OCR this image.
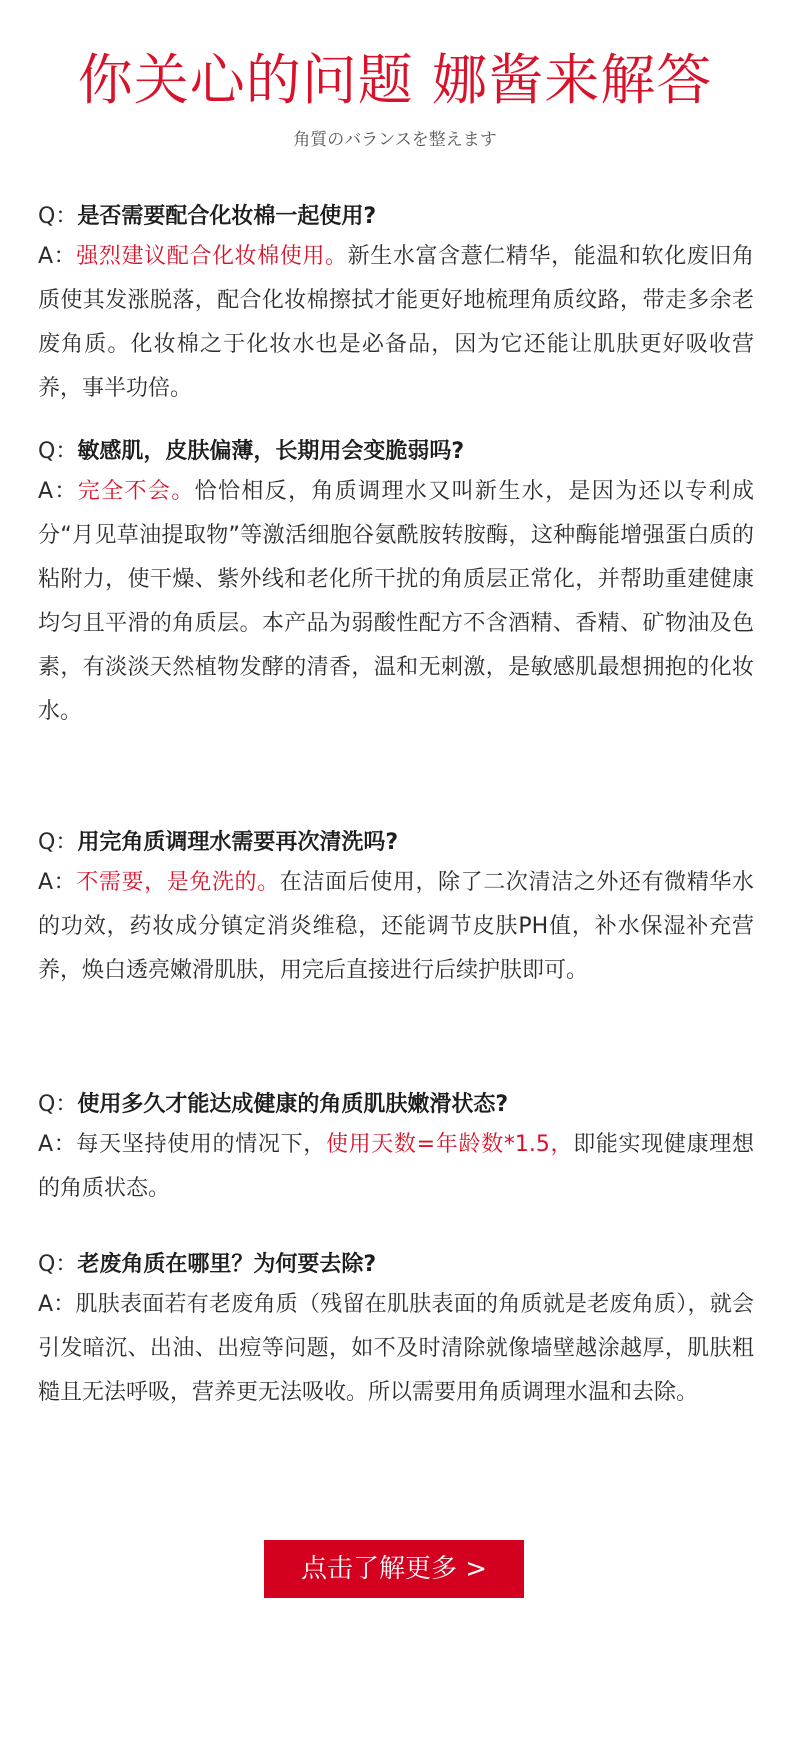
你关心的问题 娜酱来解答
角質のバランスを整えます
Q：是否需要配合化妆棉一起使用?
A：强烈建议配合化妆棉使用。新生水富含薏仁精华，能温和软化废旧角质使其发涨脱落，配合化妆棉擦拭才能更好地梳理角质纹路，带走多余老废角质。化妆棉之于化妆水也是必备品，因为它还能让肌肤更好吸收营养，事半功倍。
Q：敏感肌，皮肤偏薄，长期用会变脆弱吗?
A：完全不会。恰恰相反，角质调理水又叫新生水，是因为还以专利成分“月见草油提取物”等激活细胞谷氨酰胺转胺酶，这种酶能增强蛋白质的粘附力，使干燥、紫外线和老化所干扰的角质层正常化，并帮助重建健康均匀且平滑的角质层。本产品为弱酸性配方不含酒精、香精、矿物油及色素，有淡淡天然植物发酵的清香，温和无刺激，是敏感肌最想拥抱的化妆水。
Q：用完角质调理水需要再次清洗吗?
A：不需要，是免洗的。在洁面后使用，除了二次清洁之外还有微精华水的功效，药妆成分镇定消炎维稳，还能调节皮肤PH值，补水保湿补充营养，焕白透亮嫩滑肌肤，用完后直接进行后续护肤即可。
Q：使用多久才能达成健康的角质肌肤嫩滑状态?
A：每天坚持使用的情况下，使用天数=年龄数*1.5，即能实现健康理想的角质状态。
Q：老废角质在哪里？为何要去除?
A：肌肤表面若有老废角质（残留在肌肤表面的角质就是老废角质），就会引发暗沉、出油、出痘等问题，如不及时清除就像墙壁越涂越厚，肌肤粗糙且无法呼吸，营养更无法吸收。所以需要用角质调理水温和去除。
点击了解更多 >
